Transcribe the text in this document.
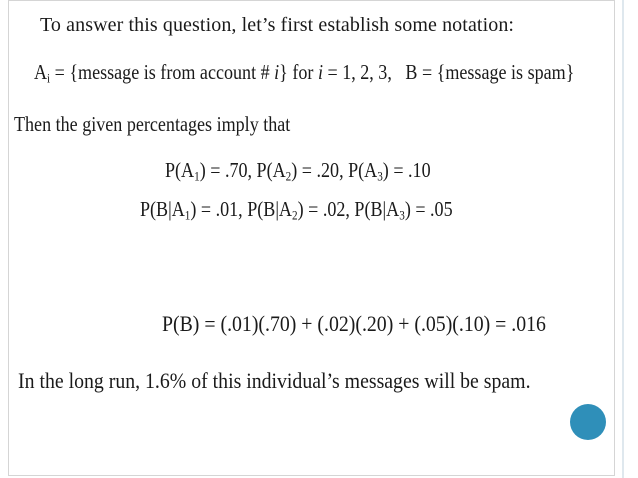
To answer this question, let’s first establish some notation:
$A_i$ = {message is from account # i} for i = 1, 2, 3, B = {message is spam}
Then the given percentages imply that
$P(A_1) = .70$, $P(A_2) = .20$, $P(A_3) = .10$
$P(B|A_1) = .01$, $P(B|A_2) = .02$, $P(B|A_3) = .05$
P(B) = (.01)(.70) + (.02)(.20) + (.05)(.10) = .016
In the long run, 1.6% of this individual’s messages will be spam.
